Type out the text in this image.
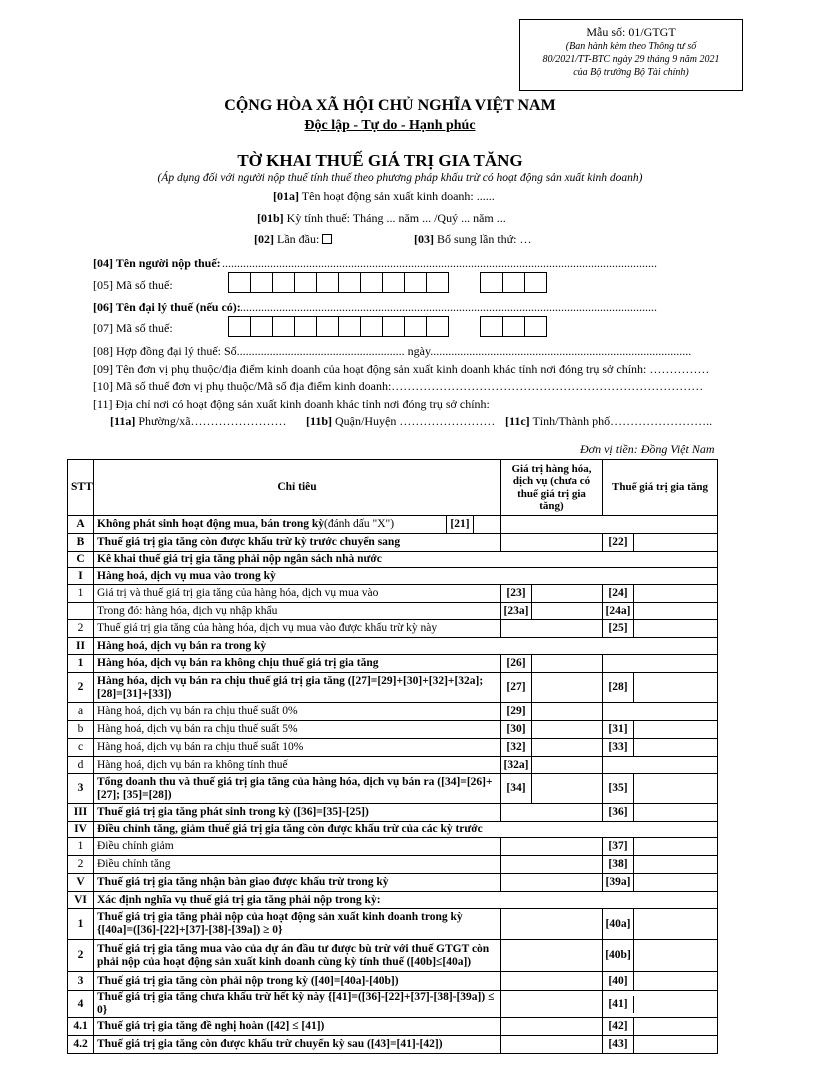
Mẫu số: 01/GTGT
(Ban hành kèm theo Thông tư số
80/2021/TT-BTC ngày 29 tháng 9 năm 2021
của Bộ trưởng Bộ Tài chính)
CỘNG HÒA XÃ HỘI CHỦ NGHĨA VIỆT NAM
Độc lập - Tự do - Hạnh phúc
TỜ KHAI THUẾ GIÁ TRỊ GIA TĂNG
(Áp dụng đối với người nộp thuế tính thuế theo phương pháp khấu trừ có hoạt động sản xuất kinh doanh)
[01a] Tên hoạt động sản xuất kinh doanh: ......
[01b] Kỳ tính thuế: Tháng ... năm ... /Quý ... năm ...
[02] Lần đầu:	[03] Bổ sung lần thứ: …
[04] Tên người nộp thuế: .................................................................................................................................................
[05] Mã số thuế:
[06] Tên đại lý thuế (nếu có): ...........................................................................................................................................
[07] Mã số thuế:
[08] Hợp đồng đại lý thuế: Số........................................................ ngày.......................................................................................
[09] Tên đơn vị phụ thuộc/địa điểm kinh doanh của hoạt động sản xuất kinh doanh khác tỉnh nơi đóng trụ sở chính: ……………
[10] Mã số thuế đơn vị phụ thuộc/Mã số địa điểm kinh doanh:……………………………………………………………………
[11] Địa chỉ nơi có hoạt động sản xuất kinh doanh khác tỉnh nơi đóng trụ sở chính:
[11a] Phường/xã…………………… [11b] Quận/Huyện …………………… [11c] Tỉnh/Thành phố……………………..
Đơn vị tiền: Đồng Việt Nam
STT	Chỉ tiêu	Giá trị hàng hóa, dịch vụ (chưa có thuế giá trị gia tăng)	Thuế giá trị gia tăng
A	Không phát sinh hoạt động mua, bán trong kỳ (đánh dấu "X") [21]		

B	Thuế giá trị gia tăng còn được khấu trừ kỳ trước chuyển sang		[22]

C	Kê khai thuế giá trị gia tăng phải nộp ngân sách nhà nước		
I	Hàng hoá, dịch vụ mua vào trong kỳ		
1	Giá trị và thuế giá trị gia tăng của hàng hóa, dịch vụ mua vào	[23]	[24]

	Trong đó: hàng hóa, dịch vụ nhập khẩu	[23a]	[24a]

2	Thuế giá trị gia tăng của hàng hóa, dịch vụ mua vào được khấu trừ kỳ này		[25]

II	Hàng hoá, dịch vụ bán ra trong kỳ		
1	Hàng hóa, dịch vụ bán ra không chịu thuế giá trị gia tăng	[26]	

2	Hàng hóa, dịch vụ bán ra chịu thuế giá trị gia tăng ([27]=[29]+[30]+[32]+[32a]; [28]=[31]+[33])	[27]	[28]

a	Hàng hoá, dịch vụ bán ra chịu thuế suất 0%	[29]	

b	Hàng hoá, dịch vụ bán ra chịu thuế suất 5%	[30]	[31]

c	Hàng hoá, dịch vụ bán ra chịu thuế suất 10%	[32]	[33]

d	Hàng hoá, dịch vụ bán ra không tính thuế	[32a]	

3	Tổng doanh thu và thuế giá trị gia tăng của hàng hóa, dịch vụ bán ra ([34]=[26]+[27]; [35]=[28])	[34]	[35]

III	Thuế giá trị gia tăng phát sinh trong kỳ ([36]=[35]-[25])		[36]

IV	Điều chỉnh tăng, giảm thuế giá trị gia tăng còn được khấu trừ của các kỳ trước		
1	Điều chỉnh giảm		[37]

2	Điều chỉnh tăng		[38]

V	Thuế giá trị gia tăng nhận bàn giao được khấu trừ trong kỳ		[39a]

VI	Xác định nghĩa vụ thuế giá trị gia tăng phải nộp trong kỳ:		
1	Thuế giá trị gia tăng phải nộp của hoạt động sản xuất kinh doanh trong kỳ {[40a]=([36]-[22]+[37]-[38]-[39a]) ≥ 0}		[40a]

2	Thuế giá trị gia tăng mua vào của dự án đầu tư được bù trừ với thuế GTGT còn phải nộp của hoạt động sản xuất kinh doanh cùng kỳ tính thuế ([40b]≤[40a])		[40b]

3	Thuế giá trị gia tăng còn phải nộp trong kỳ ([40]=[40a]-[40b])		[40]

4	Thuế giá trị gia tăng chưa khấu trừ hết kỳ này {[41]=([36]-[22]+[37]-[38]-[39a]) ≤ 0}		[41]

4.1	Thuế giá trị gia tăng đề nghị hoàn ([42] ≤ [41])		[42]

4.2	Thuế giá trị gia tăng còn được khấu trừ chuyển kỳ sau ([43]=[41]-[42])		[43]
